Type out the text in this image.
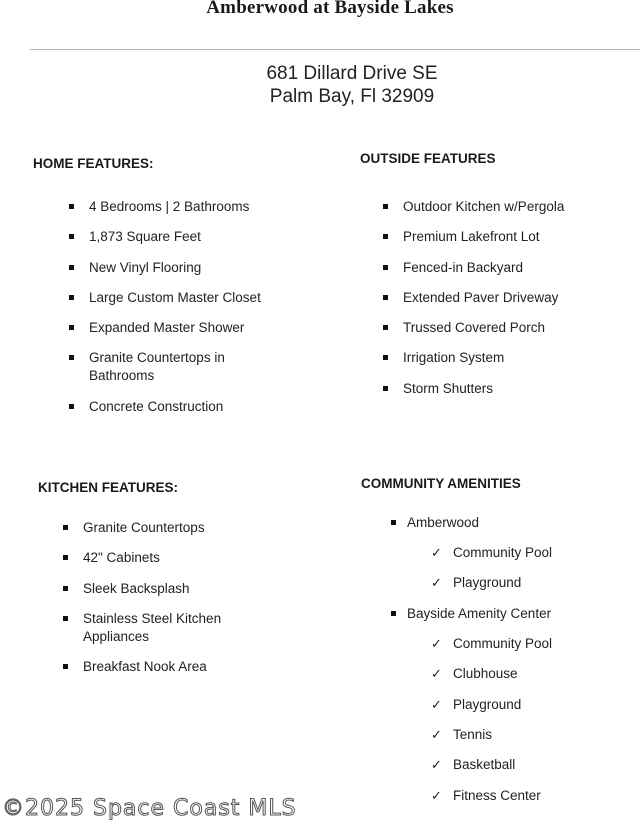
Amberwood at Bayside Lakes
681 Dillard Drive SE
Palm Bay, Fl 32909
HOME FEATURES:
4 Bedrooms | 2 Bathrooms
1,873 Square Feet
New Vinyl Flooring
Large Custom Master Closet
Expanded Master Shower
Granite Countertops in Bathrooms
Concrete Construction
OUTSIDE FEATURES
Outdoor Kitchen w/Pergola
Premium Lakefront Lot
Fenced-in Backyard
Extended Paver Driveway
Trussed Covered Porch
Irrigation System
Storm Shutters
KITCHEN FEATURES:
Granite Countertops
42" Cabinets
Sleek Backsplash
Stainless Steel Kitchen Appliances
Breakfast Nook Area
COMMUNITY AMENITIES
Amberwood
✓ Community Pool
✓ Playground
Bayside Amenity Center
✓ Community Pool
✓ Clubhouse
✓ Playground
✓ Tennis
✓ Basketball
✓ Fitness Center
©2025 Space Coast MLS
